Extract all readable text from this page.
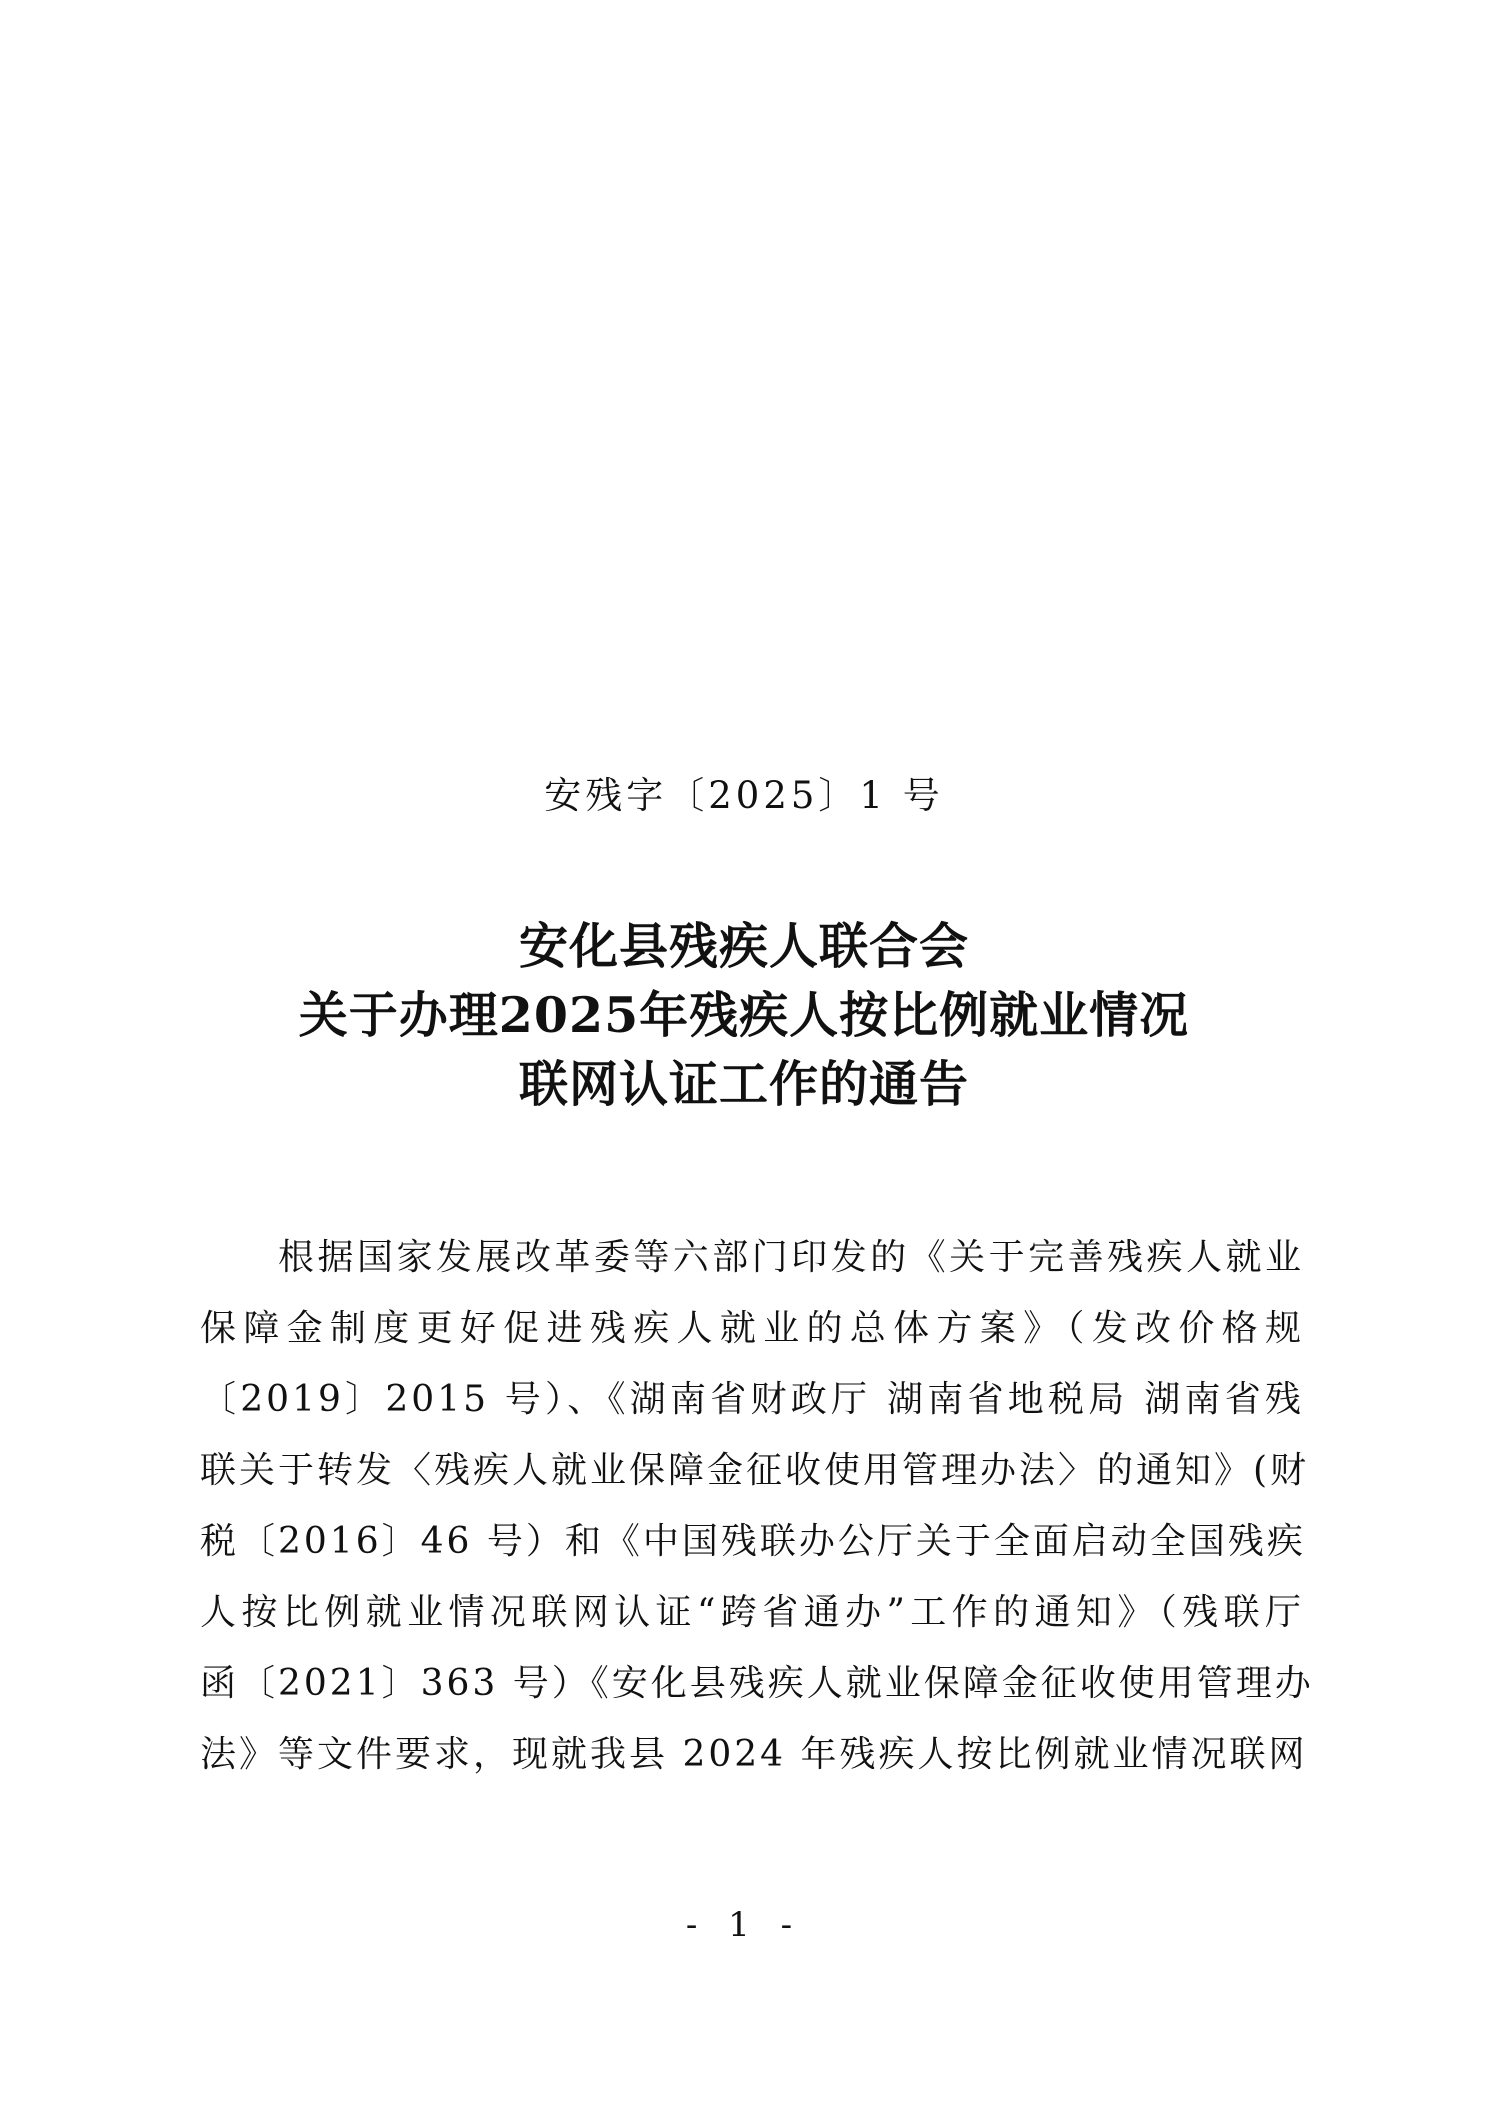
安残字〔2025〕1 号
安化县残疾人联合会
关于办理2025年残疾人按比例就业情况
联网认证工作的通告
根据国家发展改革委等六部门印发的《关于完善残疾人就业
保障金制度更好促进残疾人就业的总体方案》（发改价格规
〔2019〕2015 号）、《湖南省财政厅 湖南省地税局 湖南省残
联关于转发〈残疾人就业保障金征收使用管理办法〉的通知》(财
税〔2016〕46 号）和《中国残联办公厅关于全面启动全国残疾
人按比例就业情况联网认证“跨省通办”工作的通知》（残联厅
函〔2021〕363 号）《安化县残疾人就业保障金征收使用管理办
法》等文件要求，现就我县 2024 年残疾人按比例就业情况联网
- 1 -
